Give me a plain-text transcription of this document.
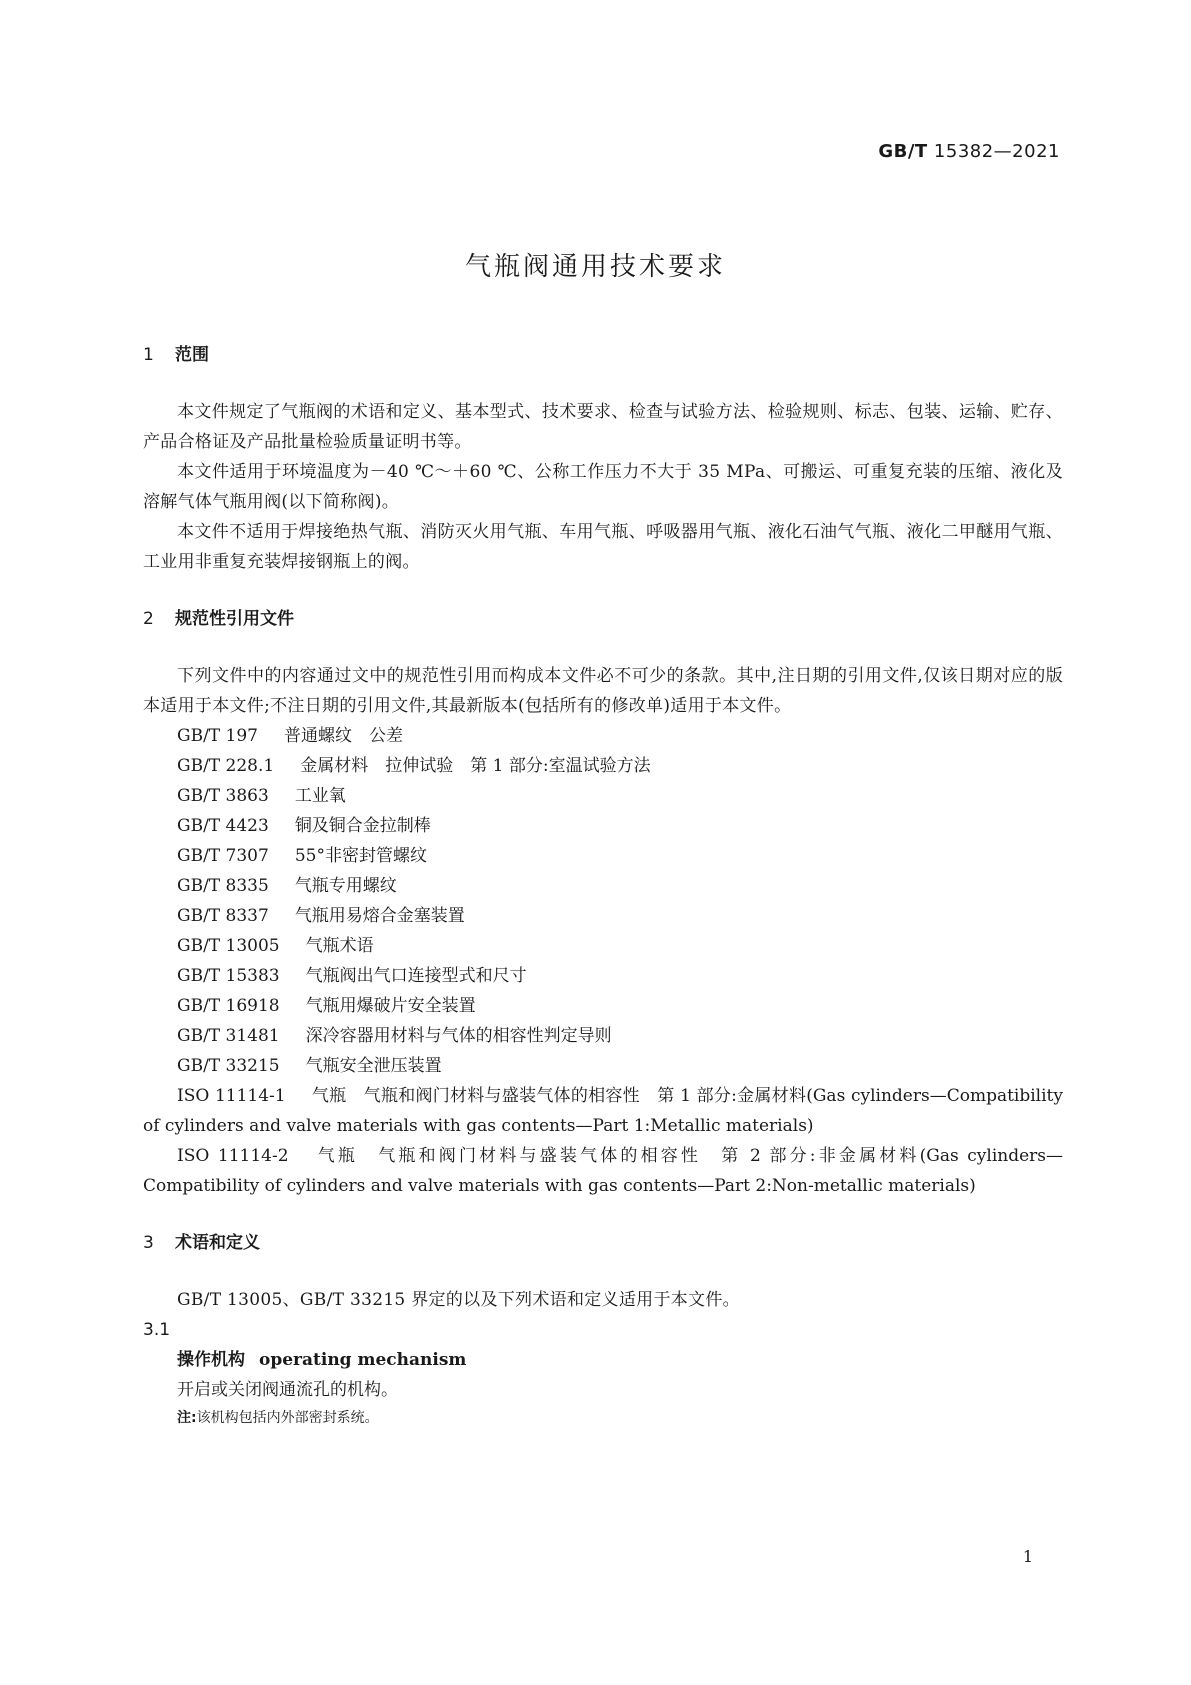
GB/T 15382—2021
气瓶阀通用技术要求
1 范围

本文件规定了气瓶阀的术语和定义、基本型式、技术要求、检查与试验方法、检验规则、标志、包装、运输、贮存、产品合格证及产品批量检验质量证明书等。

本文件适用于环境温度为－40 ℃～＋60 ℃、公称工作压力不大于 35 MPa、可搬运、可重复充装的压缩、液化及溶解气体气瓶用阀(以下简称阀)。

本文件不适用于焊接绝热气瓶、消防灭火用气瓶、车用气瓶、呼吸器用气瓶、液化石油气气瓶、液化二甲醚用气瓶、工业用非重复充装焊接钢瓶上的阀。

2 规范性引用文件

下列文件中的内容通过文中的规范性引用而构成本文件必不可少的条款。其中,注日期的引用文件,仅该日期对应的版本适用于本文件;不注日期的引用文件,其最新版本(包括所有的修改单)适用于本文件。

GB/T 197 普通螺纹　公差
GB/T 228.1 金属材料　拉伸试验　第 1 部分:室温试验方法
GB/T 3863 工业氧
GB/T 4423 铜及铜合金拉制棒
GB/T 7307 55°非密封管螺纹
GB/T 8335 气瓶专用螺纹
GB/T 8337 气瓶用易熔合金塞装置
GB/T 13005 气瓶术语
GB/T 15383 气瓶阀出气口连接型式和尺寸
GB/T 16918 气瓶用爆破片安全装置
GB/T 31481 深冷容器用材料与气体的相容性判定导则
GB/T 33215 气瓶安全泄压装置
ISO 11114-1 气瓶　气瓶和阀门材料与盛装气体的相容性　第 1 部分:金属材料(Gas cylinders—Compatibility of cylinders and valve materials with gas contents—Part 1:Metallic materials)
ISO 11114-2 气瓶　气瓶和阀门材料与盛装气体的相容性　第 2 部分:非金属材料(Gas cylinders—Compatibility of cylinders and valve materials with gas contents—Part 2:Non-metallic materials)
3 术语和定义

GB/T 13005、GB/T 33215 界定的以及下列术语和定义适用于本文件。

3.1
操作机构 operating mechanism
开启或关闭阀通流孔的机构。
注:该机构包括内外部密封系统。
1
